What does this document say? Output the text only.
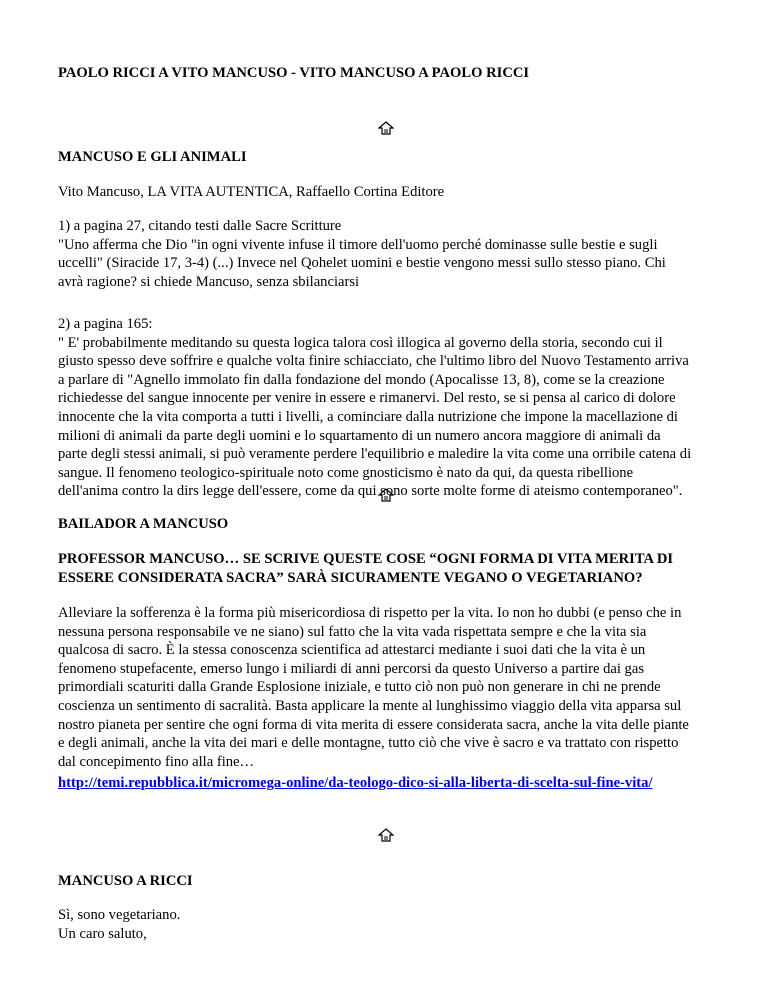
PAOLO RICCI A VITO MANCUSO - VITO MANCUSO A PAOLO RICCI
MANCUSO E GLI ANIMALI
Vito Mancuso, LA VITA AUTENTICA, Raffaello Cortina Editore
1) a pagina 27, citando testi dalle Sacre Scritture
"Uno afferma che Dio "in ogni vivente infuse il timore dell'uomo perché dominasse sulle bestie e sugli
uccelli" (Siracide 17, 3-4) (...) Invece nel Qohelet uomini e bestie vengono messi sullo stesso piano. Chi
avrà ragione? si chiede Mancuso, senza sbilanciarsi
2) a pagina 165:
" E' probabilmente meditando su questa logica talora così illogica al governo della storia, secondo cui il
giusto spesso deve soffrire e qualche volta finire schiacciato, che l'ultimo libro del Nuovo Testamento arriva
a parlare di "Agnello immolato fin dalla fondazione del mondo (Apocalisse 13, 8), come se la creazione
richiedesse del sangue innocente per venire in essere e rimanervi. Del resto, se si pensa al carico di dolore
innocente che la vita comporta a tutti i livelli, a cominciare dalla nutrizione che impone la macellazione di
milioni di animali da parte degli uomini e lo squartamento di un numero ancora maggiore di animali da
parte degli stessi animali, si può veramente perdere l'equilibrio e maledire la vita come una orribile catena di
sangue. Il fenomeno teologico-spirituale noto come gnosticismo è nato da qui, da questa ribellione
dell'anima contro la dirs legge dell'essere, come da qui sono sorte molte forme di ateismo contemporaneo".
BAILADOR A MANCUSO
PROFESSOR MANCUSO… SE SCRIVE QUESTE COSE “OGNI FORMA DI VITA MERITA DI
ESSERE CONSIDERATA SACRA” SARÀ SICURAMENTE VEGANO O VEGETARIANO?
Alleviare la sofferenza è la forma più misericordiosa di rispetto per la vita. Io non ho dubbi (e penso che in
nessuna persona responsabile ve ne siano) sul fatto che la vita vada rispettata sempre e che la vita sia
qualcosa di sacro. È la stessa conoscenza scientifica ad attestarci mediante i suoi dati che la vita è un
fenomeno stupefacente, emerso lungo i miliardi di anni percorsi da questo Universo a partire dai gas
primordiali scaturiti dalla Grande Esplosione iniziale, e tutto ciò non può non generare in chi ne prende
coscienza un sentimento di sacralità. Basta applicare la mente al lunghissimo viaggio della vita apparsa sul
nostro pianeta per sentire che ogni forma di vita merita di essere considerata sacra, anche la vita delle piante
e degli animali, anche la vita dei mari e delle montagne, tutto ciò che vive è sacro e va trattato con rispetto
dal concepimento fino alla fine…
http://temi.repubblica.it/micromega-online/da-teologo-dico-si-alla-liberta-di-scelta-sul-fine-vita/
MANCUSO A RICCI
Sì, sono vegetariano.
Un caro saluto,
